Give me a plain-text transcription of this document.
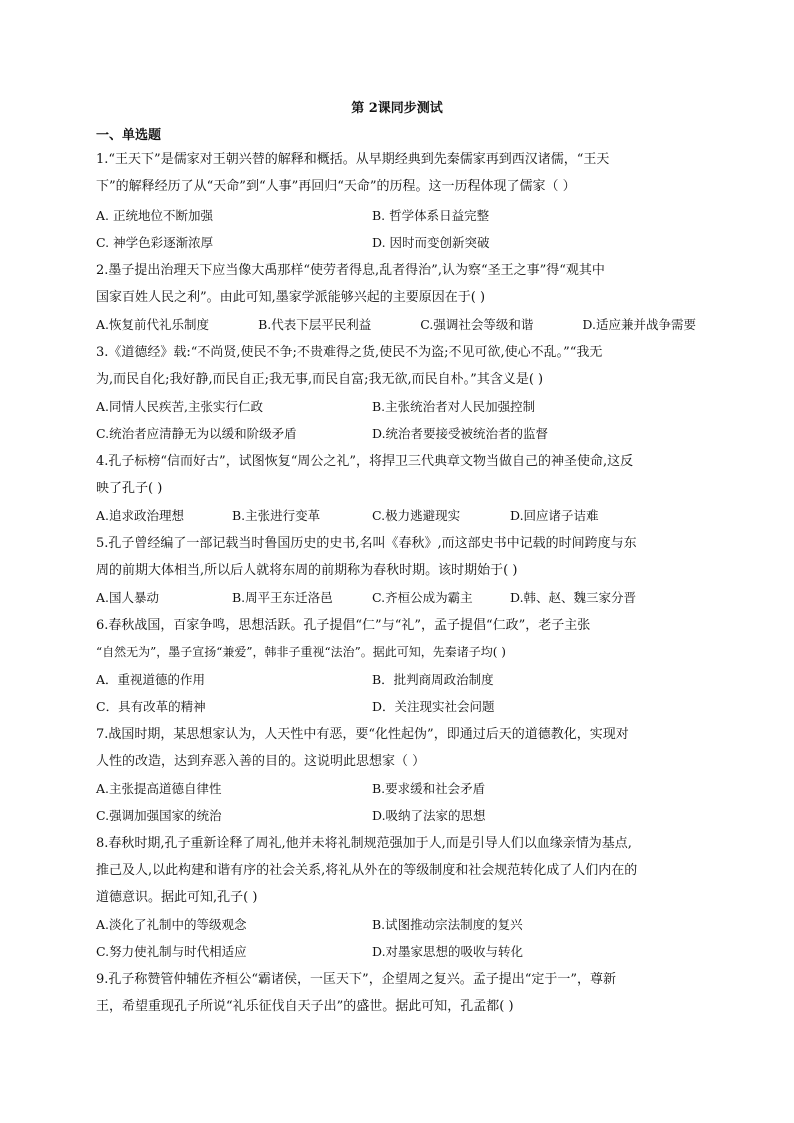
第 2课同步测试
一、单选题
1.“王天下”是儒家对王朝兴替的解释和概括。从早期经典到先秦儒家再到西汉诸儒，“王天
下”的解释经历了从“天命”到“人事”再回归“天命”的历程。这一历程体现了儒家（ ）
A. 正统地位不断加强	B. 哲学体系日益完整
C. 神学色彩逐渐浓厚	D. 因时而变创新突破
2.墨子提出治理天下应当像大禹那样“使劳者得息,乱者得治”,认为察“圣王之事”得“观其中
国家百姓人民之利”。由此可知,墨家学派能够兴起的主要原因在于( )
A.恢复前代礼乐制度	B.代表下层平民利益	C.强调社会等级和谐	D.适应兼并战争需要
3.《道德经》载:“不尚贤,使民不争;不贵难得之货,使民不为盗;不见可欲,使心不乱。”“我无
为,而民自化;我好静,而民自正;我无事,而民自富;我无欲,而民自朴。”其含义是( )
A.同情人民疾苦,主张实行仁政	B.主张统治者对人民加强控制
C.统治者应清静无为以缓和阶级矛盾	D.统治者要接受被统治者的监督
4.孔子标榜“信而好古”，试图恢复“周公之礼”，将捍卫三代典章文物当做自己的神圣使命,这反
映了孔子( )
A.追求政治理想	B.主张进行变革	C.极力逃避现实	D.回应诸子诘难
5.孔子曾经编了一部记载当时鲁国历史的史书,名叫《春秋》,而这部史书中记载的时间跨度与东
周的前期大体相当,所以后人就将东周的前期称为春秋时期。该时期始于( )
A.国人暴动	B.周平王东迁洛邑	C.齐桓公成为霸主	D.韩、赵、魏三家分晋
6.春秋战国，百家争鸣，思想活跃。孔子提倡“仁”与“礼”，孟子提倡“仁政”，老子主张
“自然无为”，墨子宣扬“兼爱”，韩非子重视“法治”。据此可知，先秦诸子均( )
A．重视道德的作用	B．批判商周政治制度
C．具有改革的精神	D．关注现实社会问题
7.战国时期，某思想家认为，人天性中有恶，要“化性起伪”，即通过后天的道德教化，实现对
人性的改造，达到弃恶入善的目的。这说明此思想家（ ）
A.主张提高道德自律性	B.要求缓和社会矛盾
C.强调加强国家的统治	D.吸纳了法家的思想
8.春秋时期,孔子重新诠释了周礼,他并未将礼制规范强加于人,而是引导人们以血缘亲情为基点,
推己及人,以此构建和谐有序的社会关系,将礼从外在的等级制度和社会规范转化成了人们内在的
道德意识。据此可知,孔子( )
A.淡化了礼制中的等级观念	B.试图推动宗法制度的复兴
C.努力使礼制与时代相适应	D.对墨家思想的吸收与转化
9.孔子称赞管仲辅佐齐桓公“霸诸侯，一匡天下”，企望周之复兴。孟子提出“定于一”，尊新
王，希望重现孔子所说“礼乐征伐自天子出”的盛世。据此可知，孔孟都( )
